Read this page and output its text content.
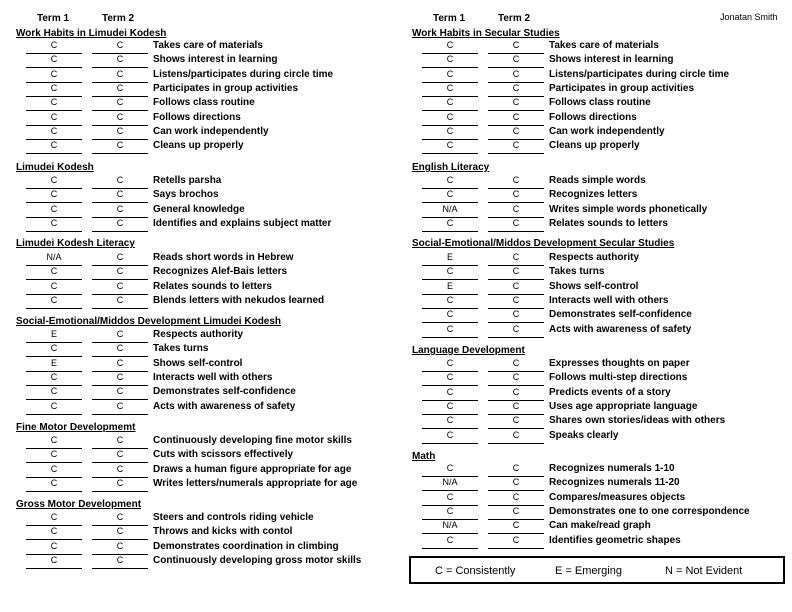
Term 1	Term 2
Work Habits in Limudei Kodesh
C	C	Takes care of materials
C	C	Shows interest in learning
C	C	Listens/participates during circle time
C	C	Participates in group activities
C	C	Follows class routine
C	C	Follows directions
C	C	Can work independently
C	C	Cleans up properly
Limudei Kodesh
C	C	Retells parsha
C	C	Says brochos
C	C	General knowledge
C	C	Identifies and explains subject matter
Limudei Kodesh Literacy
N/A	C	Reads short words in Hebrew
C	C	Recognizes Alef-Bais letters
C	C	Relates sounds to letters
C	C	Blends letters with nekudos learned
Social-Emotional/Middos Development Limudei Kodesh
E	C	Respects authority
C	C	Takes turns
E	C	Shows self-control
C	C	Interacts well with others
C	C	Demonstrates self-confidence
C	C	Acts with awareness of safety
Fine Motor Developmemt
C	C	Continuously developing fine motor skills
C	C	Cuts with scissors effectively
C	C	Draws a human figure appropriate for age
C	C	Writes letters/numerals appropriate for age
Gross Motor Development
C	C	Steers and controls riding vehicle
C	C	Throws and kicks with contol
C	C	Demonstrates coordination in climbing
C	C	Continuously developing gross motor skills
Term 1	Term 2
Work Habits in Secular Studies
C	C	Takes care of materials
C	C	Shows interest in learning
C	C	Listens/participates during circle time
C	C	Participates in group activities
C	C	Follows class routine
C	C	Follows directions
C	C	Can work independently
C	C	Cleans up properly
English Literacy
C	C	Reads simple words
C	C	Recognizes letters
N/A	C	Writes simple words phonetically
C	C	Relates sounds to letters
Social-Emotional/Middos Development Secular Studies
E	C	Respects authority
C	C	Takes turns
E	C	Shows self-control
C	C	Interacts well with others
C	C	Demonstrates self-confidence
C	C	Acts with awareness of safety
Language Development
C	C	Expresses thoughts on paper
C	C	Follows multi-step directions
C	C	Predicts events of a story
C	C	Uses age appropriate language
C	C	Shares own stories/ideas with others
C	C	Speaks clearly
Math
C	C	Recognizes numerals 1-10
N/A	C	Recognizes numerals 11-20
C	C	Compares/measures objects
C	C	Demonstrates one to one correspondence
N/A	C	Can make/read graph
C	C	Identifies geometric shapes
Jonatan Smith
C = Consistently	E = Emerging	N = Not Evident
